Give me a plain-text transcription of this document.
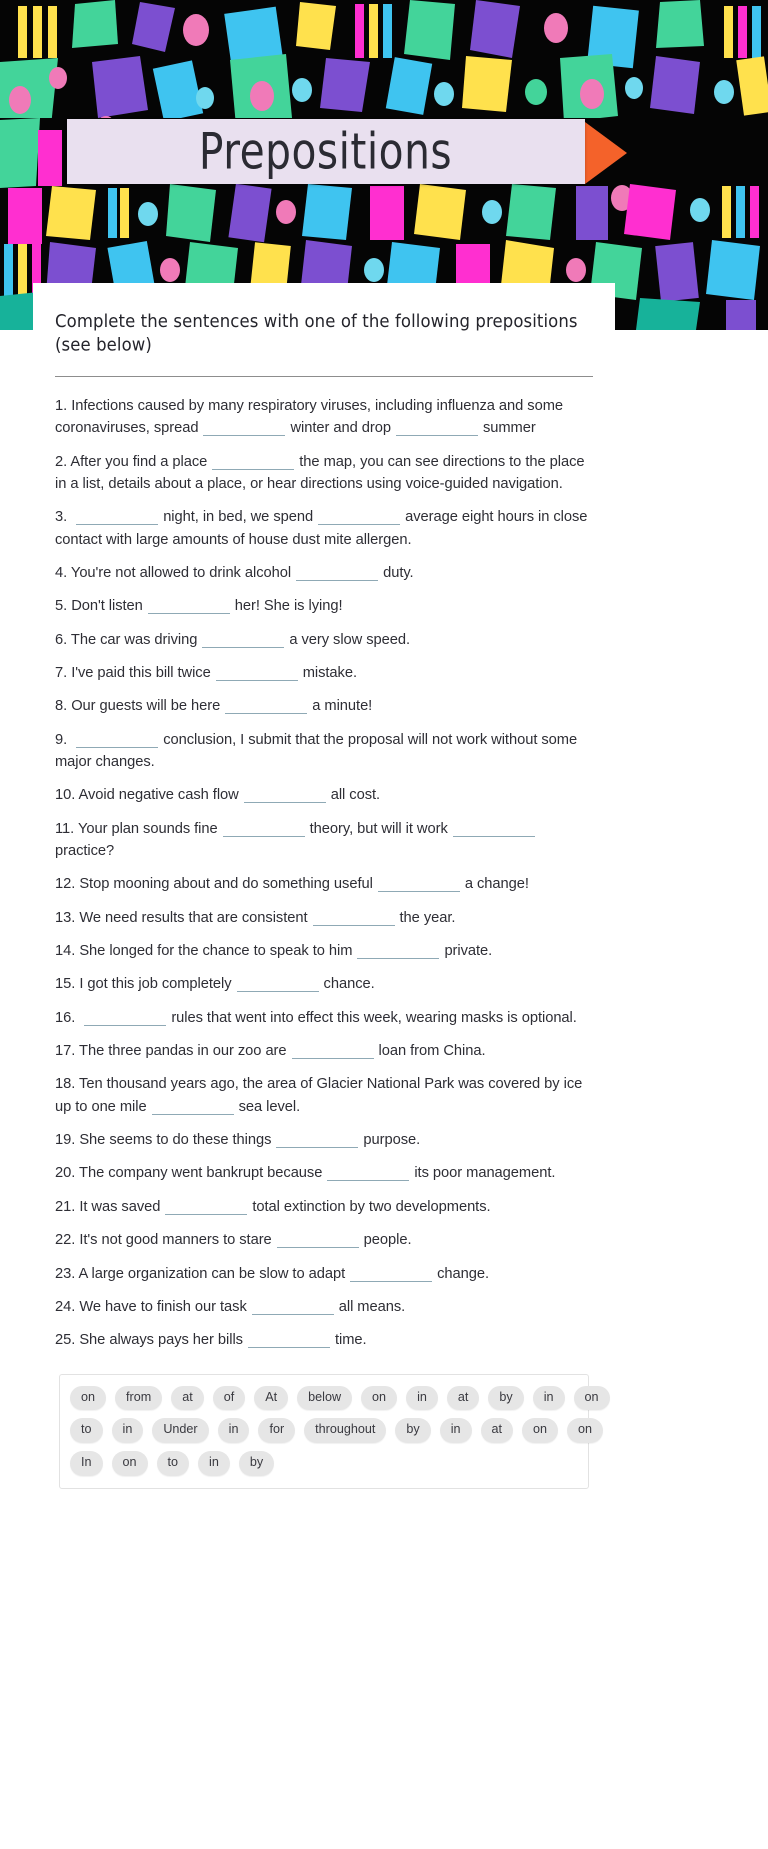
Prepositions

Complete the sentences with one of the following prepositions (see below)

1. Infections caused by many respiratory viruses, including influenza and some coronaviruses, spread	winter and drop	summer

2. After you find a place	the map, you can see directions to the place in a list, details about a place, or hear directions using voice-guided navigation.

3.	night, in bed, we spend	average eight hours in close contact with large amounts of house dust mite allergen.

4. You're not allowed to drink alcohol	duty.

5. Don't listen	her! She is lying!

6. The car was driving	a very slow speed.

7. I've paid this bill twice	mistake.

8. Our guests will be here	a minute!

9.	conclusion, I submit that the proposal will not work without some major changes.

10. Avoid negative cash flow	all cost.

11. Your plan sounds fine	theory, but will it workpractice?

12. Stop mooning about and do something useful	a change!

13. We need results that are consistent	the year.

14. She longed for the chance to speak to him	private.

15. I got this job completely	chance.

16.	rules that went into effect this week, wearing masks is optional.

17. The three pandas in our zoo are	loan from China.

18. Ten thousand years ago, the area of Glacier National Park was covered by ice up to one mile	sea level.

19. She seems to do these things	purpose.

20. The company went bankrupt because	its poor management.

21. It was saved	total extinction by two developments.

22. It's not good manners to stare	people.

23. A large organization can be slow to adapt	change.

24. We have to finish our task	all means.

25. She always pays her bills	time.

on	from	at	of	At	below	on	in	at	by	in	on
to	in	Under	in	for	throughout	by	in	at	on	on
In	on	to	in	by
